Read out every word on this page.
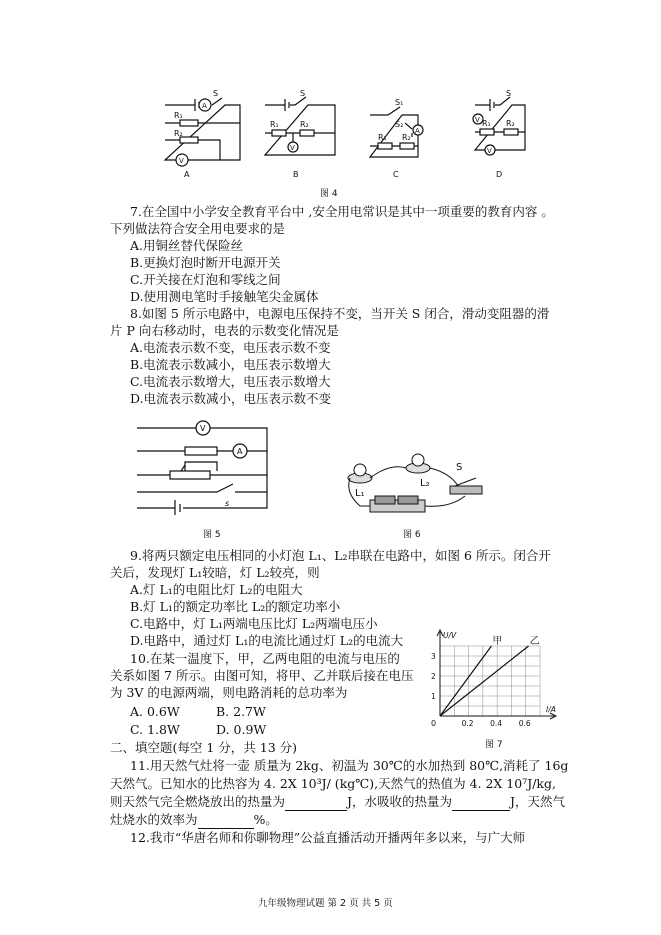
R₁
R₂
S
A
V
A
R₁	R₂
S
V
B
S₁
S₂
R₁ R₂
A
C
R₁ R₂
S
V
V
D
图 4
7.在全国中小学安全教育平台中 ,安全用电常识是其中一项重要的教育内容 。
下列做法符合安全用电要求的是
A.用铜丝替代保险丝
B.更换灯泡时断开电源开关
C.开关接在灯泡和零线之间
D.使用测电笔时手接触笔尖金属体
8.如图 5 所示电路中，电源电压保持不变，当开关 S 闭合，滑动变阻器的滑
片 P 向右移动时，电表的示数变化情况是
A.电流表示数不变，电压表示数不变
B.电流表示数减小，电压表示数增大
C.电流表示数增大，电压表示数增大
D.电流表示数减小，电压表示数不变
V
A
s
图 5
L₁
L₂
S
图 6
9.将两只额定电压相同的小灯泡 L₁、L₂串联在电路中，如图 6 所示。闭合开
关后，发现灯 L₁较暗，灯 L₂较亮，则
A.灯 L₁的电阻比灯 L₂的电阻大
B.灯 L₁的额定功率比 L₂的额定功率小
C.电路中，灯 L₁两端电压比灯 L₂两端电压小
D.电路中，通过灯 L₁的电流比通过灯 L₂的电流大
10.在某一温度下，甲，乙两电阻的电流与电压的
关系如图 7 所示。由图可知，将甲、乙并联后接在电压
为 3V 的电源两端，则电路消耗的总功率为
A. 0.6W	B. 2.7W
C. 1.8W	D. 0.9W
甲	乙
0.2 0.4 0.6
1
2
3
0
U/V
I/A
图 7
二、填空题(每空 1 分，共 13 分)
11.用天然气灶将一壶 质量为 2kg、初温为 30℃的水加热到 80℃,消耗了 16g
天然气。已知水的比热容为 4. 2X 10³J/ (kg℃),天然气的热值为 4. 2X 10⁷J/kg,
则天然气完全燃烧放出的热量为	J，水吸收的热量为	J，天然气
灶烧水的效率为	%。
12.我市“华唐名师和你聊物理”公益直播活动开播两年多以来，与广大师
九年级物理试题 第 2 页 共 5 页
